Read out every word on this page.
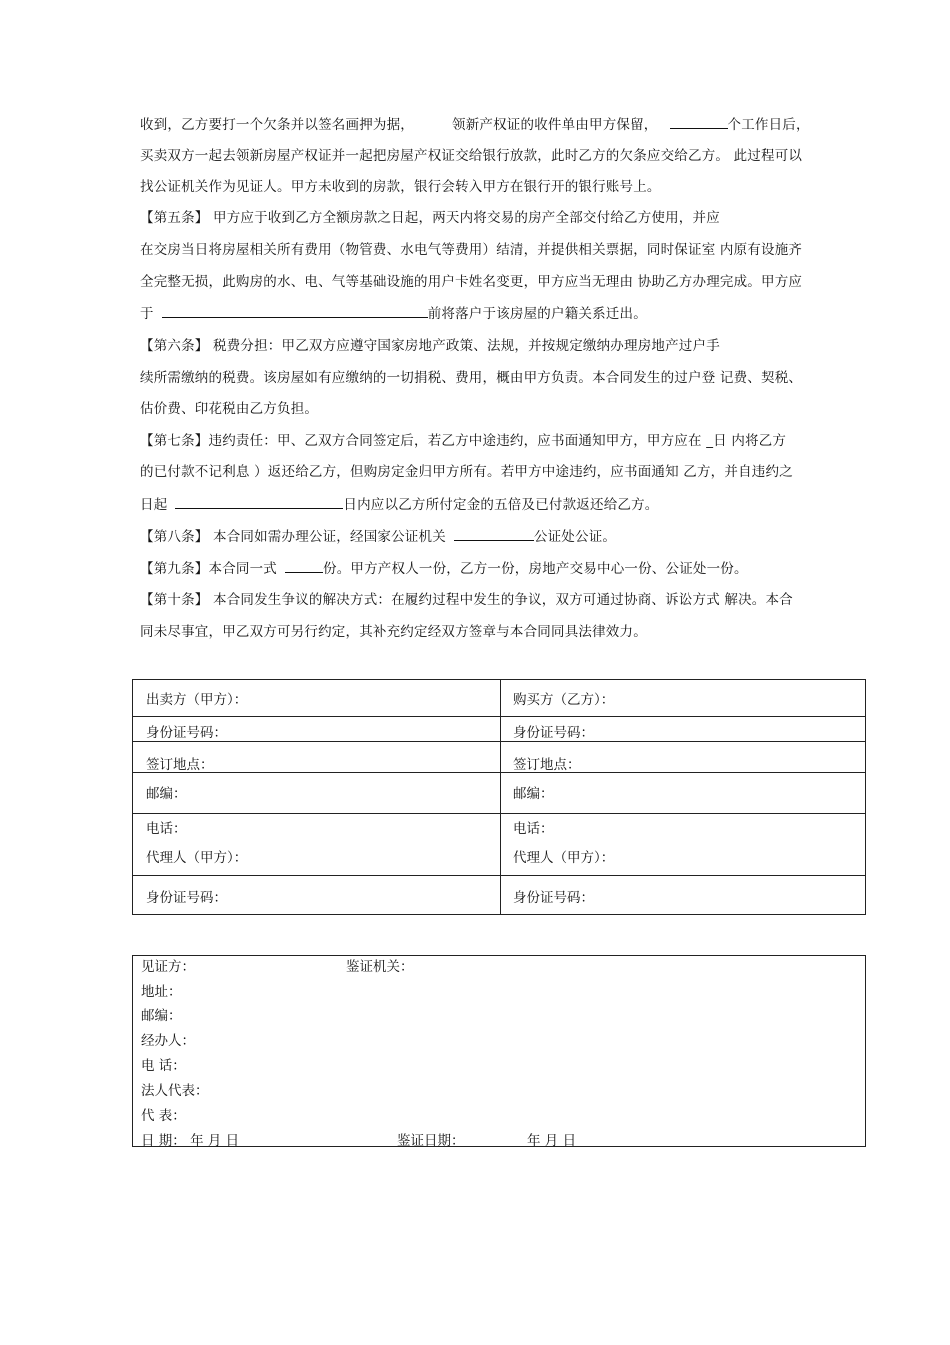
收到，乙方要打一个欠条并以签名画押为据，	领新产权证的收件单由甲方保留，	个工作日后，
买卖双方一起去领新房屋产权证并一起把房屋产权证交给银行放款，此时乙方的欠条应交给乙方。 此过程可以
找公证机关作为见证人。甲方未收到的房款，银行会转入甲方在银行开的银行账号上。
【第五条】 甲方应于收到乙方全额房款之日起，两天内将交易的房产全部交付给乙方使用，并应
在交房当日将房屋相关所有费用（物管费、水电气等费用）结清，并提供相关票据，同时保证室 内原有设施齐
全完整无损，此购房的水、电、气等基础设施的用户卡姓名变更，甲方应当无理由 协助乙方办理完成。甲方应
于	前将落户于该房屋的户籍关系迁出。
【第六条】 税费分担：甲乙双方应遵守国家房地产政策、法规，并按规定缴纳办理房地产过户手
续所需缴纳的税费。该房屋如有应缴纳的一切捐税、费用，概由甲方负责。本合同发生的过户登 记费、契税、
估价费、印花税由乙方负担。
【第七条】违约责任：甲、乙双方合同签定后，若乙方中途违约，应书面通知甲方，甲方应在 _日 内将乙方
的已付款不记利息 ）返还给乙方，但购房定金归甲方所有。若甲方中途违约，应书面通知 乙方，并自违约之
日起	日内应以乙方所付定金的五倍及已付款返还给乙方。
【第八条】 本合同如需办理公证，经国家公证机关	公证处公证。
【第九条】本合同一式	份。甲方产权人一份，乙方一份，房地产交易中心一份、公证处一份。
【第十条】 本合同发生争议的解决方式：在履约过程中发生的争议，双方可通过协商、诉讼方式 解决。本合
同未尽事宜，甲乙双方可另行约定，其补充约定经双方签章与本合同同具法律效力。
出卖方（甲方）：	购买方（乙方）：
身份证号码：	身份证号码：
签订地点：	签订地点：
邮编：	邮编：
电话：	电话：
代理人（甲方）：	代理人（甲方）：
身份证号码：	身份证号码：
见证方：	鉴证机关：
地址：
邮编：
经办人：
电 话：
法人代表：
代 表：
日 期： 年 月 日	鉴证日期：	年 月 日
